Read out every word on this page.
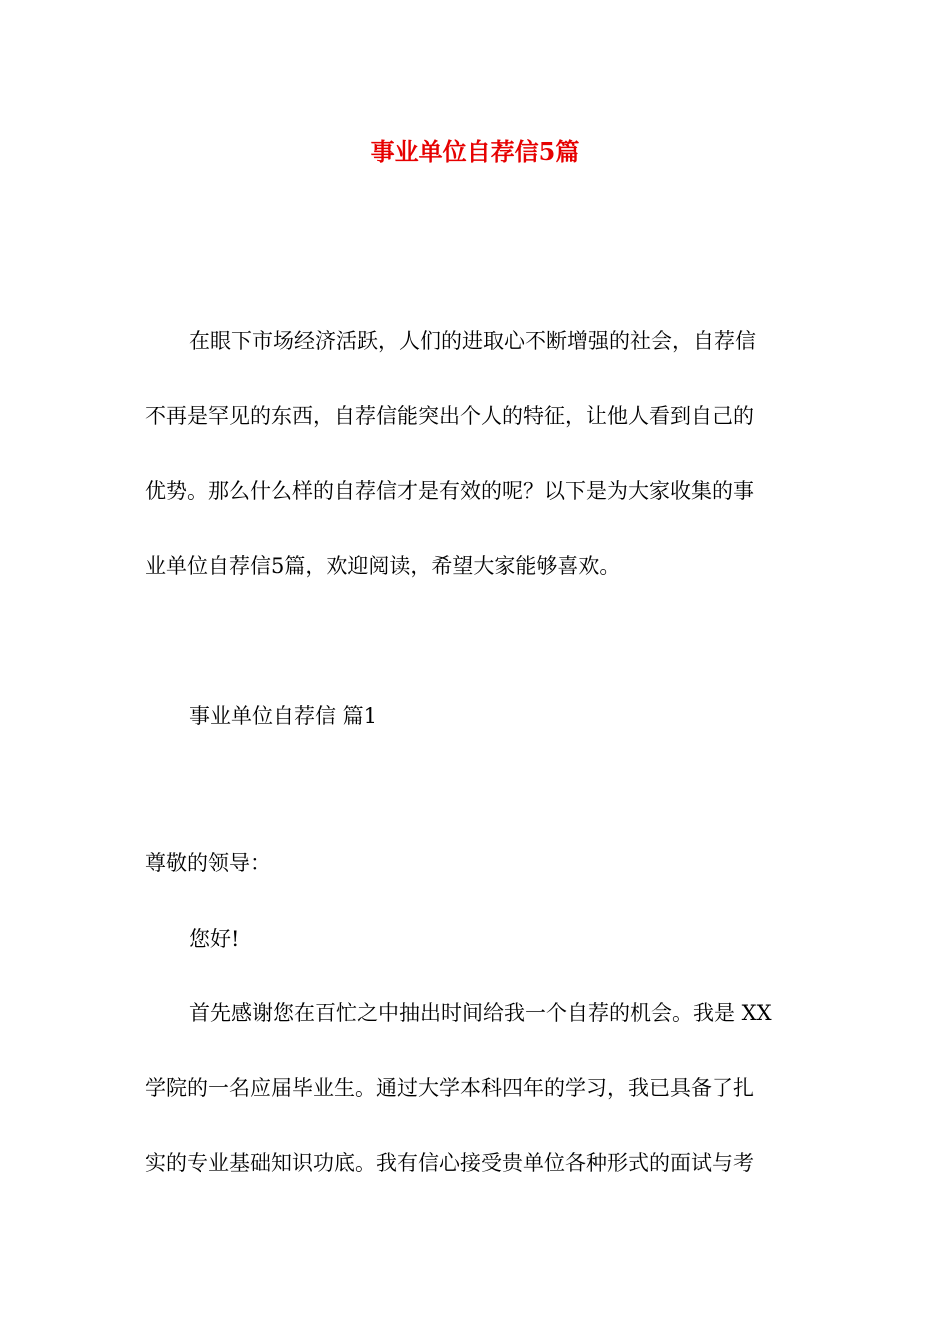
事业单位自荐信5篇

在眼下市场经济活跃，人们的进取心不断增强的社会，自荐信

不再是罕见的东西，自荐信能突出个人的特征，让他人看到自己的

优势。那么什么样的自荐信才是有效的呢？以下是为大家收集的事

业单位自荐信5篇，欢迎阅读，希望大家能够喜欢。

事业单位自荐信 篇1

尊敬的领导：

您好!

首先感谢您在百忙之中抽出时间给我一个自荐的机会。我是 XX

学院的一名应届毕业生。通过大学本科四年的学习，我已具备了扎

实的专业基础知识功底。我有信心接受贵单位各种形式的面试与考
